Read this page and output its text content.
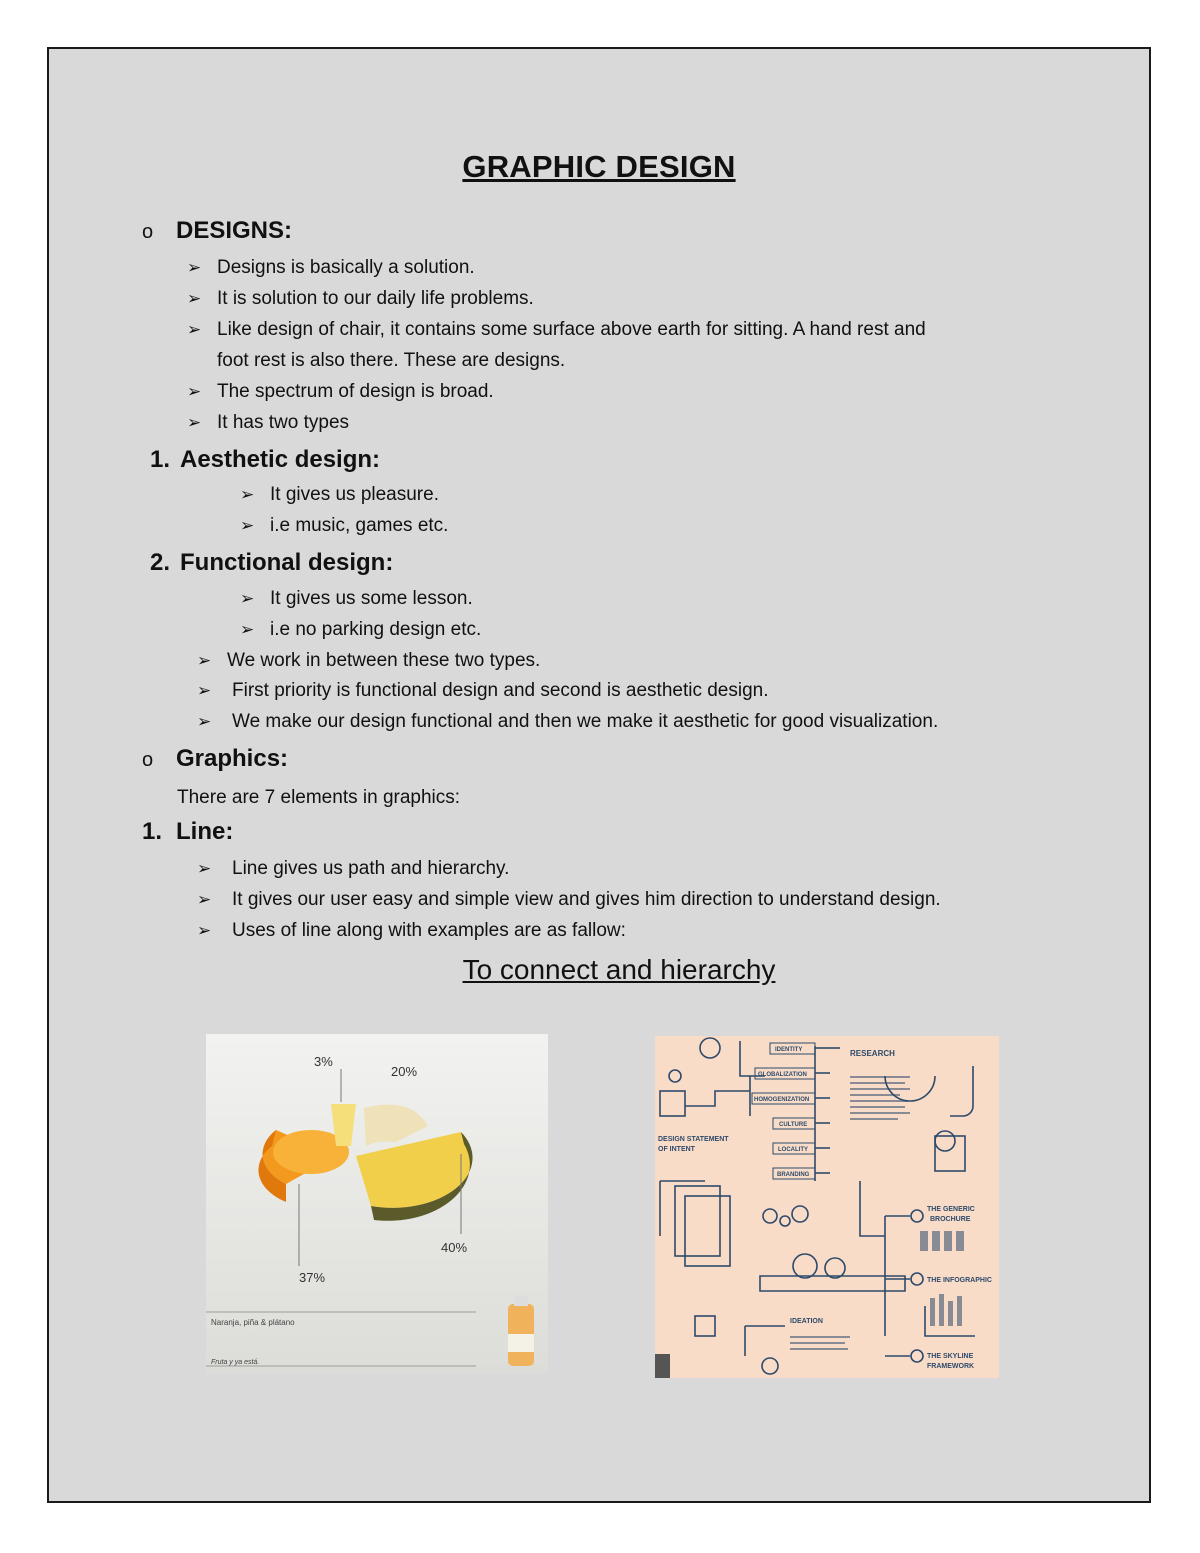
GRAPHIC DESIGN
o DESIGNS:
➢ Designs is basically a solution.
➢ It is solution to our daily life problems.
➢ Like design of chair, it contains some surface above earth for sitting. A hand rest and
foot rest is also there. These are designs.
➢ The spectrum of design is broad.
➢ It has two types
1. Aesthetic design:
➢ It gives us pleasure.
➢ i.e music, games etc.
2. Functional design:
➢ It gives us some lesson.
➢ i.e no parking design etc.
➢ We work in between these two types.
➢ First priority is functional design and second is aesthetic design.
➢ We make our design functional and then we make it aesthetic for good visualization.
o Graphics:
There are 7 elements in graphics:
1. Line:
➢ Line gives us path and hierarchy.
➢ It gives our user easy and simple view and gives him direction to understand design.
➢ Uses of line along with examples are as fallow:
To connect and hierarchy
3%
20%
40%
37%
Naranja, piña & plátano
Fruta y ya está.
IDENTITY
GLOBALIZATION
HOMOGENIZATION
CULTURE
LOCALITY
BRANDING
RESEARCH
DESIGN STATEMENT
OF INTENT
IDEATION
1
2
3
THE GENERIC
BROCHURE
THE INFOGRAPHIC
THE SKYLINE
FRAMEWORK
